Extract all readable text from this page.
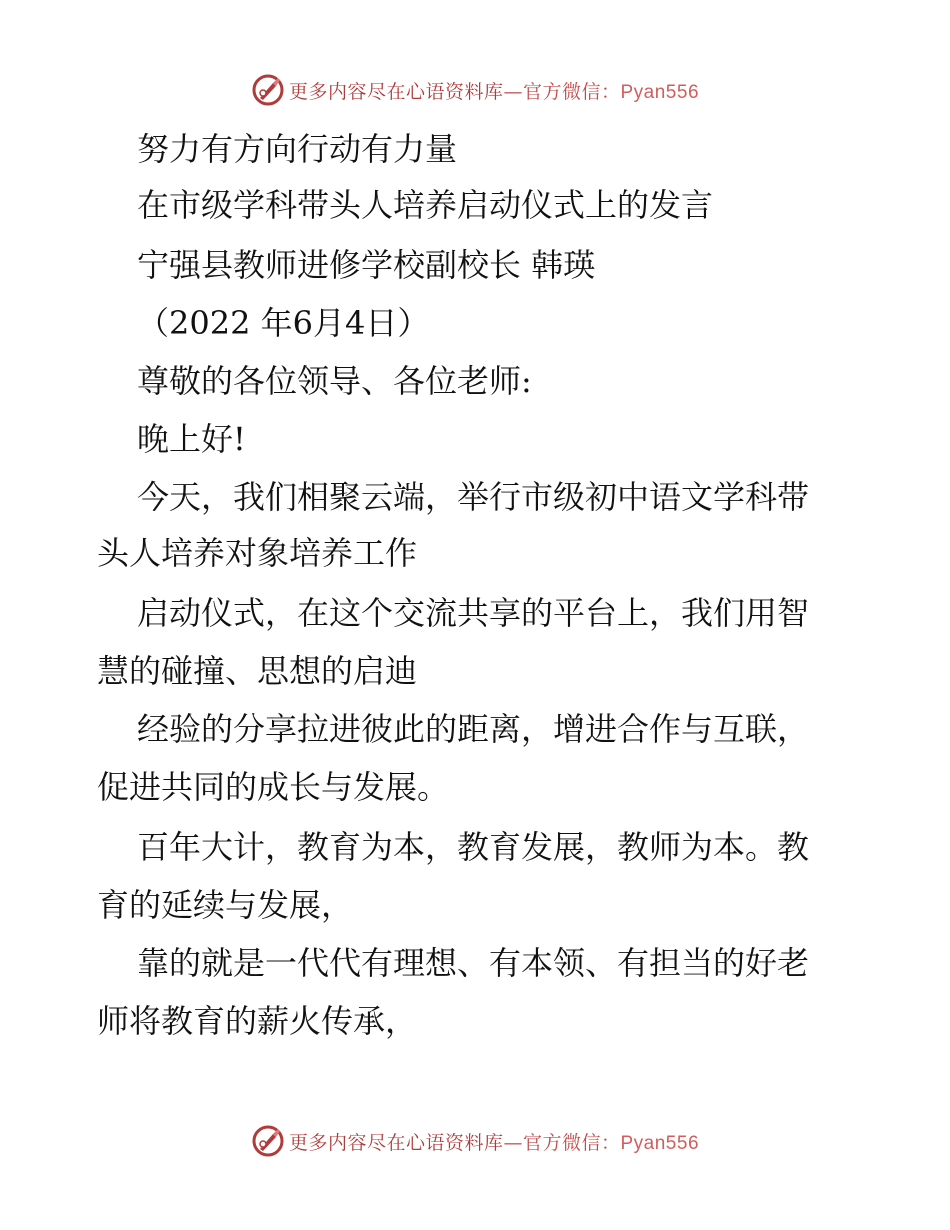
更多内容尽在心语资料库—官方微信：Pyan556
努力有方向行动有力量
在市级学科带头人培养启动仪式上的发言
宁强县教师进修学校副校长 韩瑛
（2022 年6月4日）
尊敬的各位领导、各位老师:
晚上好!
今天，我们相聚云端，举行市级初中语文学科带
头人培养对象培养工作
启动仪式，在这个交流共享的平台上，我们用智
慧的碰撞、思想的启迪
经验的分享拉进彼此的距离，增进合作与互联，
促进共同的成长与发展。
百年大计，教育为本，教育发展，教师为本。教
育的延续与发展，
靠的就是一代代有理想、有本领、有担当的好老
师将教育的薪火传承，
更多内容尽在心语资料库—官方微信：Pyan556
